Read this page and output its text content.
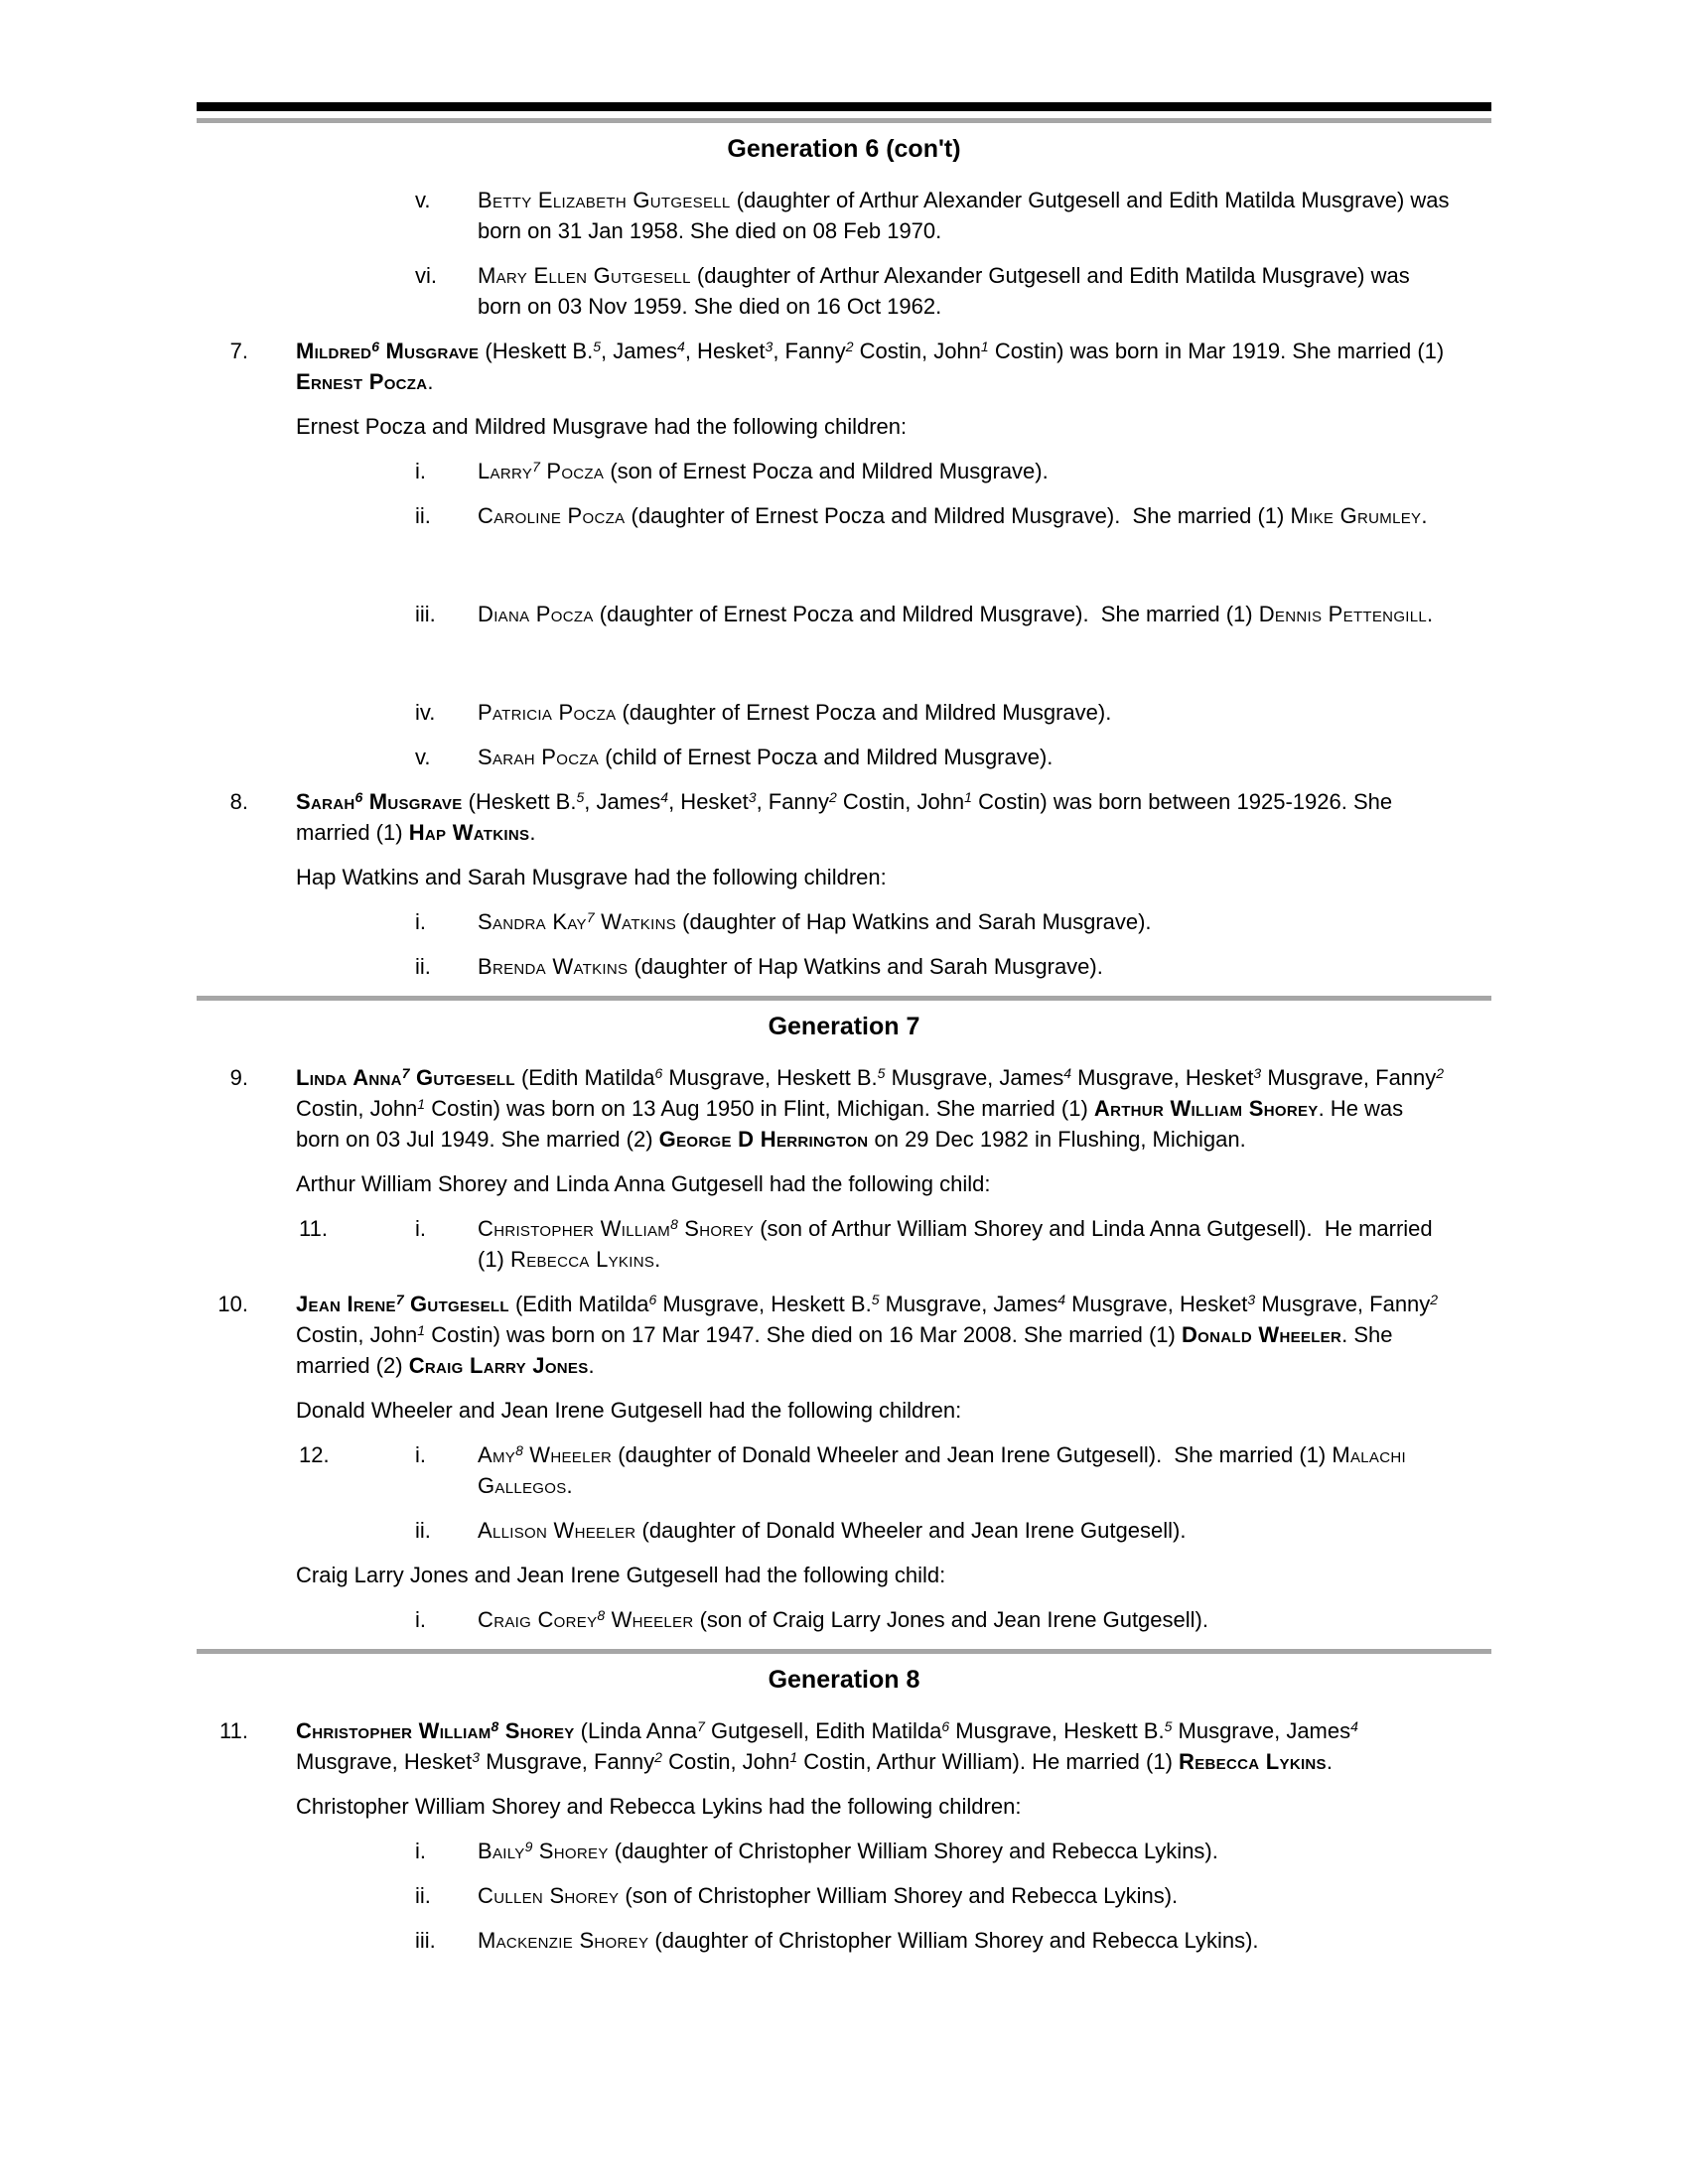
Generation 6 (con't)
v.	Betty Elizabeth Gutgesell (daughter of Arthur Alexander Gutgesell and Edith Matilda Musgrave) was born on 31 Jan 1958. She died on 08 Feb 1970.
vi.	Mary Ellen Gutgesell (daughter of Arthur Alexander Gutgesell and Edith Matilda Musgrave) was born on 03 Nov 1959. She died on 16 Oct 1962.
7.	Mildred$^6$ Musgrave (Heskett B.$^5$, James$^4$, Hesket$^3$, Fanny$^2$ Costin, John$^1$ Costin) was born in Mar 1919. She married (1) Ernest Pocza.
Ernest Pocza and Mildred Musgrave had the following children:
i.	Larry$^7$ Pocza (son of Ernest Pocza and Mildred Musgrave).
ii.	Caroline Pocza (daughter of Ernest Pocza and Mildred Musgrave).  She married (1) Mike Grumley.
iii.	Diana Pocza (daughter of Ernest Pocza and Mildred Musgrave).  She married (1) Dennis Pettengill.
iv.	Patricia Pocza (daughter of Ernest Pocza and Mildred Musgrave).
v.	Sarah Pocza (child of Ernest Pocza and Mildred Musgrave).
8.	Sarah$^6$ Musgrave (Heskett B.$^5$, James$^4$, Hesket$^3$, Fanny$^2$ Costin, John$^1$ Costin) was born between 1925-1926. She married (1) Hap Watkins.
Hap Watkins and Sarah Musgrave had the following children:
i.	Sandra Kay$^7$ Watkins (daughter of Hap Watkins and Sarah Musgrave).
ii.	Brenda Watkins (daughter of Hap Watkins and Sarah Musgrave).
Generation 7
9.	Linda Anna$^7$ Gutgesell (Edith Matilda$^6$ Musgrave, Heskett B.$^5$ Musgrave, James$^4$ Musgrave, Hesket$^3$ Musgrave, Fanny$^2$ Costin, John$^1$ Costin) was born on 13 Aug 1950 in Flint, Michigan. She married (1) Arthur William Shorey. He was born on 03 Jul 1949. She married (2) George D Herrington on 29 Dec 1982 in Flushing, Michigan.
Arthur William Shorey and Linda Anna Gutgesell had the following child:
11.	i.	Christopher William$^8$ Shorey (son of Arthur William Shorey and Linda Anna Gutgesell).  He married (1) Rebecca Lykins.
10.	Jean Irene$^7$ Gutgesell (Edith Matilda$^6$ Musgrave, Heskett B.$^5$ Musgrave, James$^4$ Musgrave, Hesket$^3$ Musgrave, Fanny$^2$ Costin, John$^1$ Costin) was born on 17 Mar 1947. She died on 16 Mar 2008. She married (1) Donald Wheeler. She married (2) Craig Larry Jones.
Donald Wheeler and Jean Irene Gutgesell had the following children:
12.	i.	Amy$^8$ Wheeler (daughter of Donald Wheeler and Jean Irene Gutgesell).  She married (1) Malachi Gallegos.
ii.	Allison Wheeler (daughter of Donald Wheeler and Jean Irene Gutgesell).
Craig Larry Jones and Jean Irene Gutgesell had the following child:
i.	Craig Corey$^8$ Wheeler (son of Craig Larry Jones and Jean Irene Gutgesell).
Generation 8
11.	Christopher William$^8$ Shorey (Linda Anna$^7$ Gutgesell, Edith Matilda$^6$ Musgrave, Heskett B.$^5$ Musgrave, James$^4$ Musgrave, Hesket$^3$ Musgrave, Fanny$^2$ Costin, John$^1$ Costin, Arthur William). He married (1) Rebecca Lykins.
Christopher William Shorey and Rebecca Lykins had the following children:
i.	Baily$^9$ Shorey (daughter of Christopher William Shorey and Rebecca Lykins).
ii.	Cullen Shorey (son of Christopher William Shorey and Rebecca Lykins).
iii.	Mackenzie Shorey (daughter of Christopher William Shorey and Rebecca Lykins).
